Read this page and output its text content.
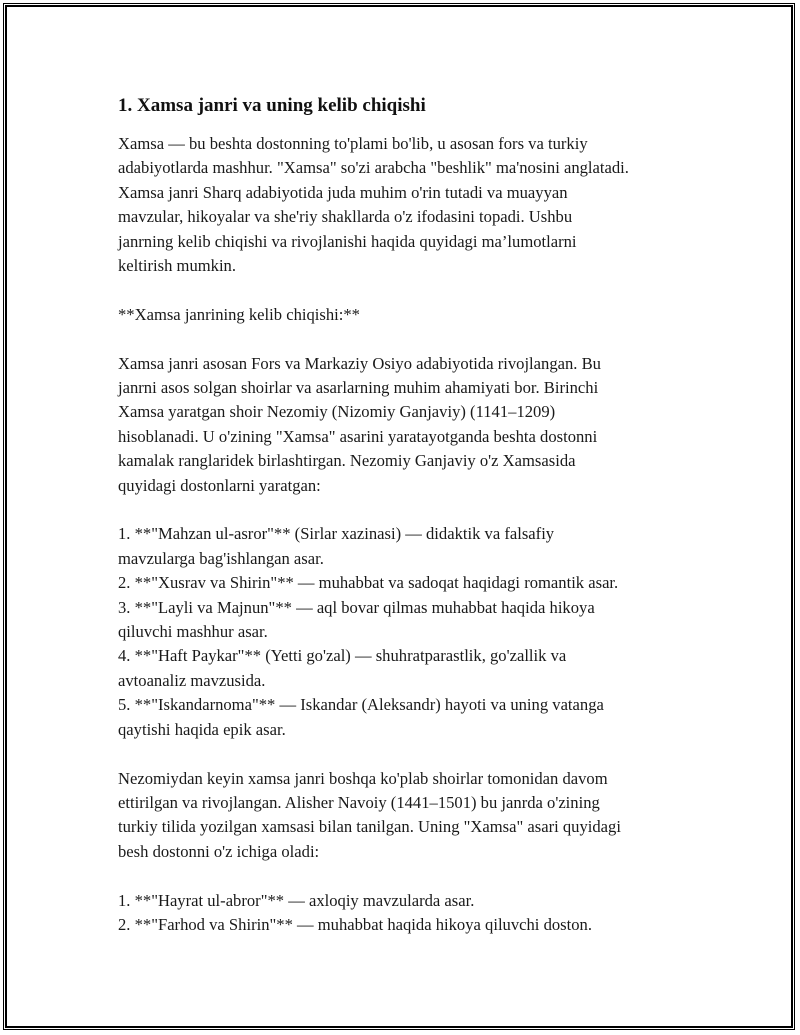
1. Xamsa janri va uning kelib chiqishi

Xamsa — bu beshta dostonning to'plami bo'lib, u asosan fors va turkiy
adabiyotlarda mashhur. "Xamsa" so'zi arabcha "beshlik" ma'nosini anglatadi.
Xamsa janri Sharq adabiyotida juda muhim o'rin tutadi va muayyan
mavzular, hikoyalar va she'riy shakllarda o'z ifodasini topadi. Ushbu
janrning kelib chiqishi va rivojlanishi haqida quyidagi ma’lumotlarni
keltirish mumkin.

**Xamsa janrining kelib chiqishi:**

Xamsa janri asosan Fors va Markaziy Osiyo adabiyotida rivojlangan. Bu
janrni asos solgan shoirlar va asarlarning muhim ahamiyati bor. Birinchi
Xamsa yaratgan shoir Nezomiy (Nizomiy Ganjaviy) (1141–1209)
hisoblanadi. U o'zining "Xamsa" asarini yaratayotganda beshta dostonni
kamalak ranglaridek birlashtirgan. Nezomiy Ganjaviy o'z Xamsasida
quyidagi dostonlarni yaratgan:

1. **"Mahzan ul-asror"** (Sirlar xazinasi) — didaktik va falsafiy
mavzularga bag'ishlangan asar.
2. **"Xusrav va Shirin"** — muhabbat va sadoqat haqidagi romantik asar.
3. **"Layli va Majnun"** — aql bovar qilmas muhabbat haqida hikoya
qiluvchi mashhur asar.
4. **"Haft Paykar"** (Yetti go'zal) — shuhratparastlik, go'zallik va
avtoanaliz mavzusida.
5. **"Iskandarnoma"** — Iskandar (Aleksandr) hayoti va uning vatanga
qaytishi haqida epik asar.

Nezomiydan keyin xamsa janri boshqa ko'plab shoirlar tomonidan davom
ettirilgan va rivojlangan. Alisher Navoiy (1441–1501) bu janrda o'zining
turkiy tilida yozilgan xamsasi bilan tanilgan. Uning "Xamsa" asari quyidagi
besh dostonni o'z ichiga oladi:

1. **"Hayrat ul-abror"** — axloqiy mavzularda asar.
2. **"Farhod va Shirin"** — muhabbat haqida hikoya qiluvchi doston.
